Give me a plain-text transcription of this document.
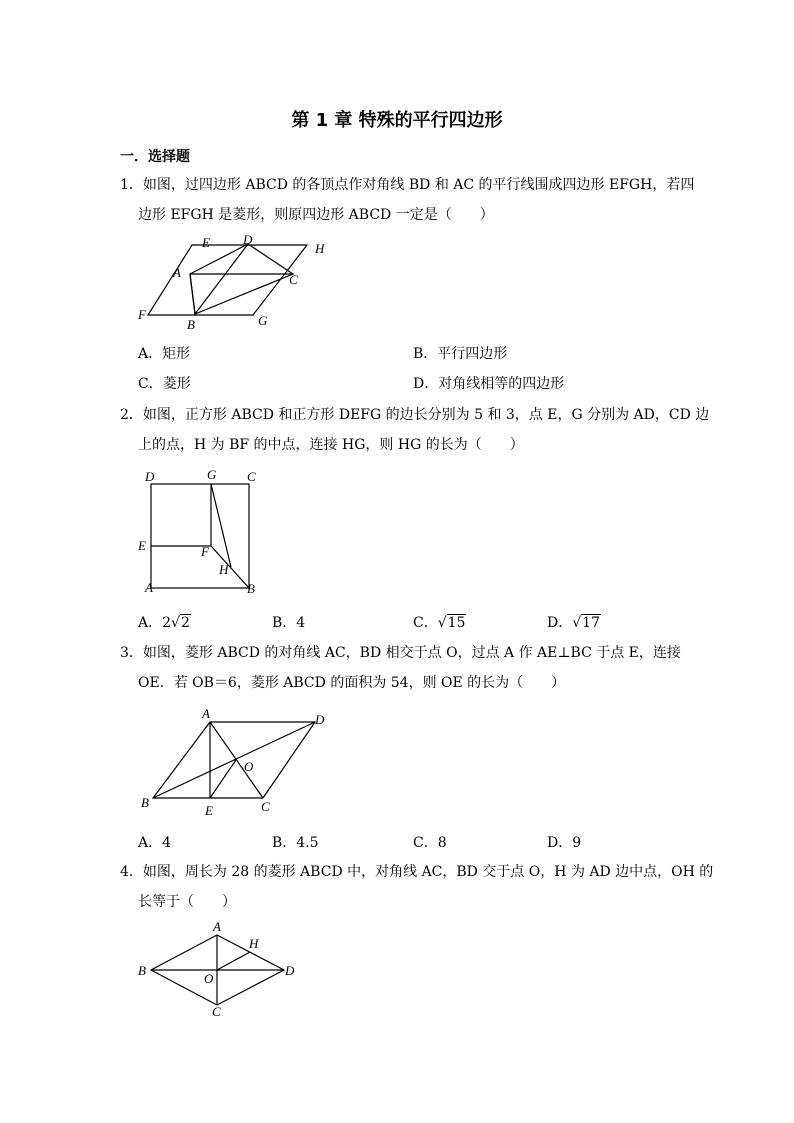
第 1 章 特殊的平行四边形
一．选择题
1．如图，过四边形 ABCD 的各顶点作对角线 BD 和 AC 的平行线围成四边形 EFGH，若四
边形 EFGH 是菱形，则原四边形 ABCD 一定是（　　）
E	D
H
A	C
F
B	G
A．矩形	B．平行四边形
C．菱形	D．对角线相等的四边形
2．如图，正方形 ABCD 和正方形 DEFG 的边长分别为 5 和 3，点 E，G 分别为 AD，CD 边
上的点，H 为 BF 的中点，连接 HG，则 HG 的长为（　　）
D	G C
E	F
H
A	B
A．2√2	B．4	C．√15	D．√17
3．如图，菱形 ABCD 的对角线 AC，BD 相交于点 O，过点 A 作 AE⊥BC 于点 E，连接
OE．若 OB＝6，菱形 ABCD 的面积为 54，则 OE 的长为（　　）
A	D
O
B
E	C
A．4	B．4.5	C．8	D．9
4．如图，周长为 28 的菱形 ABCD 中，对角线 AC，BD 交于点 O，H 为 AD 边中点，OH 的
长等于（　　）
A
H
B
O
D
C
